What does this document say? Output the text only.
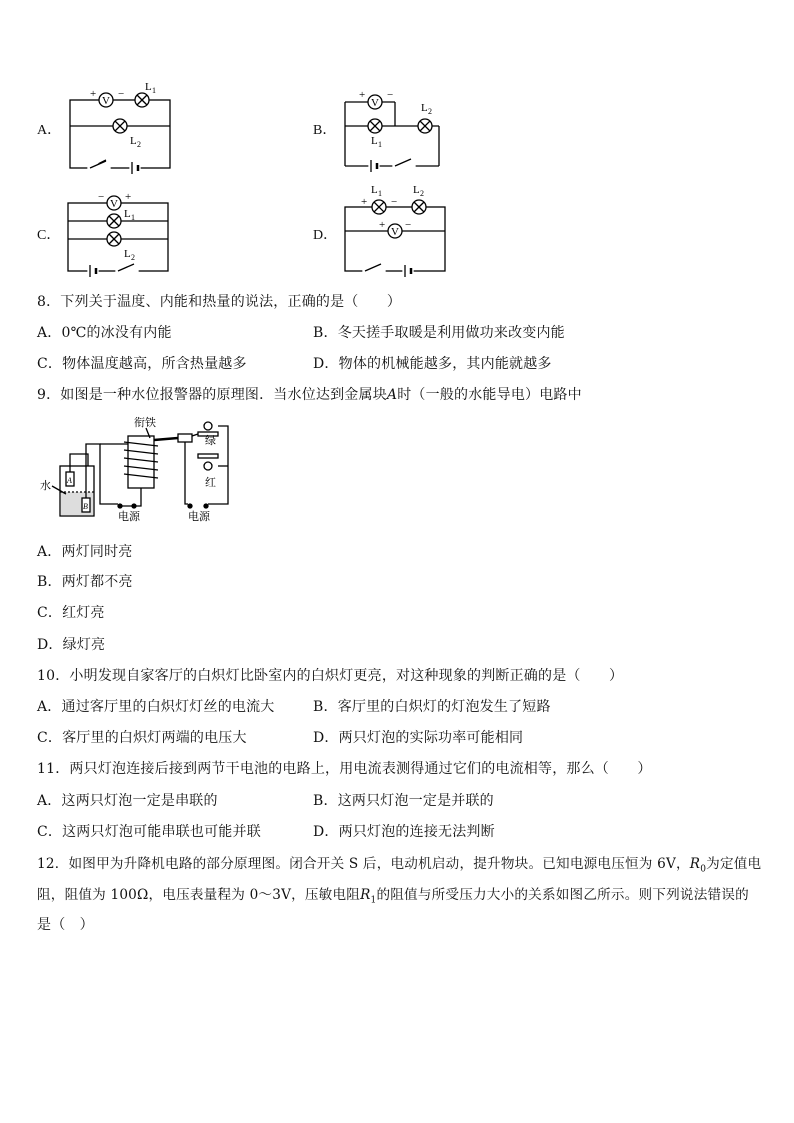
A．	B．
C．	D．
V
+ −
L 1
L 2
V
+ −
L 1
L 2
V
− +
L 1
L 2
L 1
+ −
L 2
V
+ −
8．下列关于温度、内能和热量的说法，正确的是（　　）
A．0℃的冰没有内能	B．冬天搓手取暖是利用做功来改变内能
C．物体温度越高，所含热量越多	D．物体的机械能越多，其内能就越多
9．如图是一种水位报警器的原理图．当水位达到金属块A时（一般的水能导电）电路中
A
B
水
衔铁
绿
红
电源	电源
A．两灯同时亮
B．两灯都不亮
C．红灯亮
D．绿灯亮
10．小明发现自家客厅的白炽灯比卧室内的白炽灯更亮，对这种现象的判断正确的是（　　）
A．通过客厅里的白炽灯灯丝的电流大	B．客厅里的白炽灯的灯泡发生了短路
C．客厅里的白炽灯两端的电压大	D．两只灯泡的实际功率可能相同
11．两只灯泡连接后接到两节干电池的电路上，用电流表测得通过它们的电流相等，那么（　　）
A．这两只灯泡一定是串联的	B．这两只灯泡一定是并联的
C．这两只灯泡可能串联也可能并联	D．两只灯泡的连接无法判断
12．如图甲为升降机电路的部分原理图。闭合开关 S 后，电动机启动，提升物块。已知电源电压恒为 6V，$R_0$为定值电
阻，阻值为 100Ω，电压表量程为 0～3V，压敏电阻$R_1$的阻值与所受压力大小的关系如图乙所示。则下列说法错误的
是（　）
